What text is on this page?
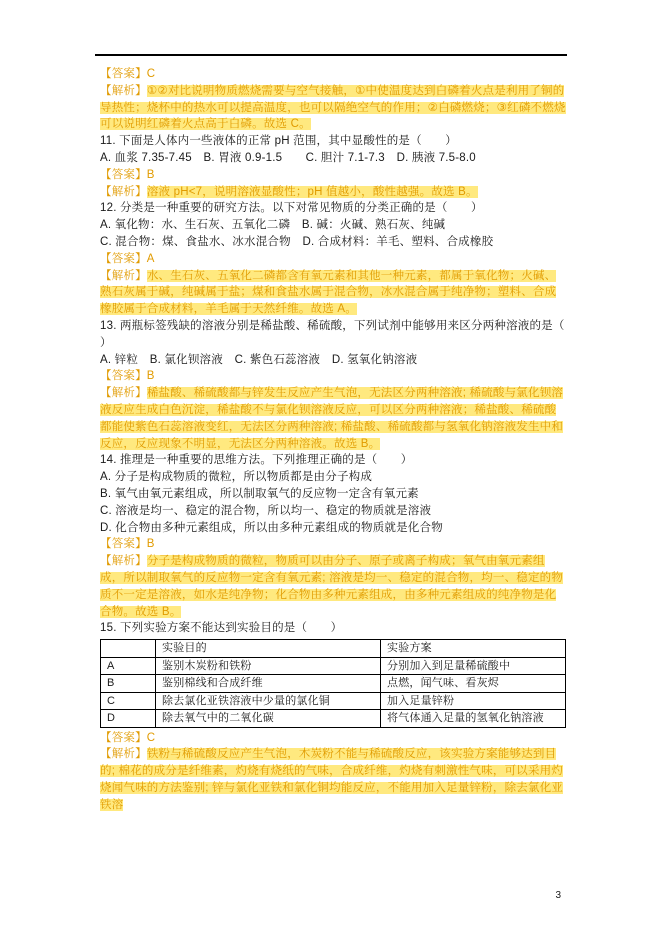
【答案】C

【解析】①②对比说明物质燃烧需要与空气接触，①中使温度达到白磷着火点是利用了铜的导热性；烧杯中的热水可以提高温度，也可以隔绝空气的作用；②白磷燃烧；③红磷不燃烧可以说明红磷着火点高于白磷。故选 C。

11. 下面是人体内一些液体的正常 pH 范围，其中显酸性的是（　　）

A. 血浆 7.35-7.45　B. 胃液 0.9-1.5　　C. 胆汁 7.1-7.3　D. 胰液 7.5-8.0

【答案】B

【解析】溶液 pH<7，说明溶液显酸性；pH 值越小，酸性越强。故选 B。

12. 分类是一种重要的研究方法。以下对常见物质的分类正确的是（　　）

A. 氧化物：水、生石灰、五氧化二磷　B. 碱：火碱、熟石灰、纯碱

C. 混合物：煤、食盐水、冰水混合物　D. 合成材料：羊毛、塑料、合成橡胶

【答案】A

【解析】水、生石灰、五氧化二磷都含有氧元素和其他一种元素，都属于氧化物；火碱、熟石灰属于碱，纯碱属于盐；煤和食盐水属于混合物，冰水混合属于纯净物；塑料、合成橡胶属于合成材料，羊毛属于天然纤维。故选 A。

13. 两瓶标签残缺的溶液分别是稀盐酸、稀硫酸，下列试剂中能够用来区分两种溶液的是（　　）

A. 锌粒　B. 氯化钡溶液　C. 紫色石蕊溶液　D. 氢氧化钠溶液

【答案】B

【解析】稀盐酸、稀硫酸都与锌发生反应产生气泡，无法区分两种溶液; 稀硫酸与氯化钡溶液反应生成白色沉淀，稀盐酸不与氯化钡溶液反应，可以区分两种溶液；稀盐酸、稀硫酸都能使紫色石蕊溶液变红，无法区分两种溶液; 稀盐酸、稀硫酸都与氢氧化钠溶液发生中和反应，反应现象不明显，无法区分两种溶液。故选 B。

14. 推理是一种重要的思维方法。下列推理正确的是（　　）

A. 分子是构成物质的微粒，所以物质都是由分子构成

B. 氧气由氧元素组成，所以制取氧气的反应物一定含有氧元素

C. 溶液是均一、稳定的混合物，所以均一、稳定的物质就是溶液

D. 化合物由多种元素组成，所以由多种元素组成的物质就是化合物

【答案】B

【解析】分子是构成物质的微粒，物质可以由分子、原子或离子构成；氧气由氧元素组成，所以制取氧气的反应物一定含有氧元素; 溶液是均一、稳定的混合物，均一、稳定的物质不一定是溶液，如水是纯净物；化合物由多种元素组成，由多种元素组成的纯净物是化合物。故选 B。

15. 下列实验方案不能达到实验目的是（　　）

	实验目的	实验方案
A	鉴别木炭粉和铁粉	分别加入到足量稀硫酸中
B	鉴别棉线和合成纤维	点燃，闻气味、看灰烬
C	除去氯化亚铁溶液中少量的氯化铜	加入足量锌粉
D	除去氧气中的二氧化碳	将气体通入足量的氢氧化钠溶液

【答案】C

【解析】铁粉与稀硫酸反应产生气泡，木炭粉不能与稀硫酸反应，该实验方案能够达到目的; 棉花的成分是纤维素，灼烧有烧纸的气味，合成纤维，灼烧有刺激性气味，可以采用灼烧闻气味的方法鉴别; 锌与氯化亚铁和氯化铜均能反应，不能用加入足量锌粉，除去氯化亚铁溶

3
